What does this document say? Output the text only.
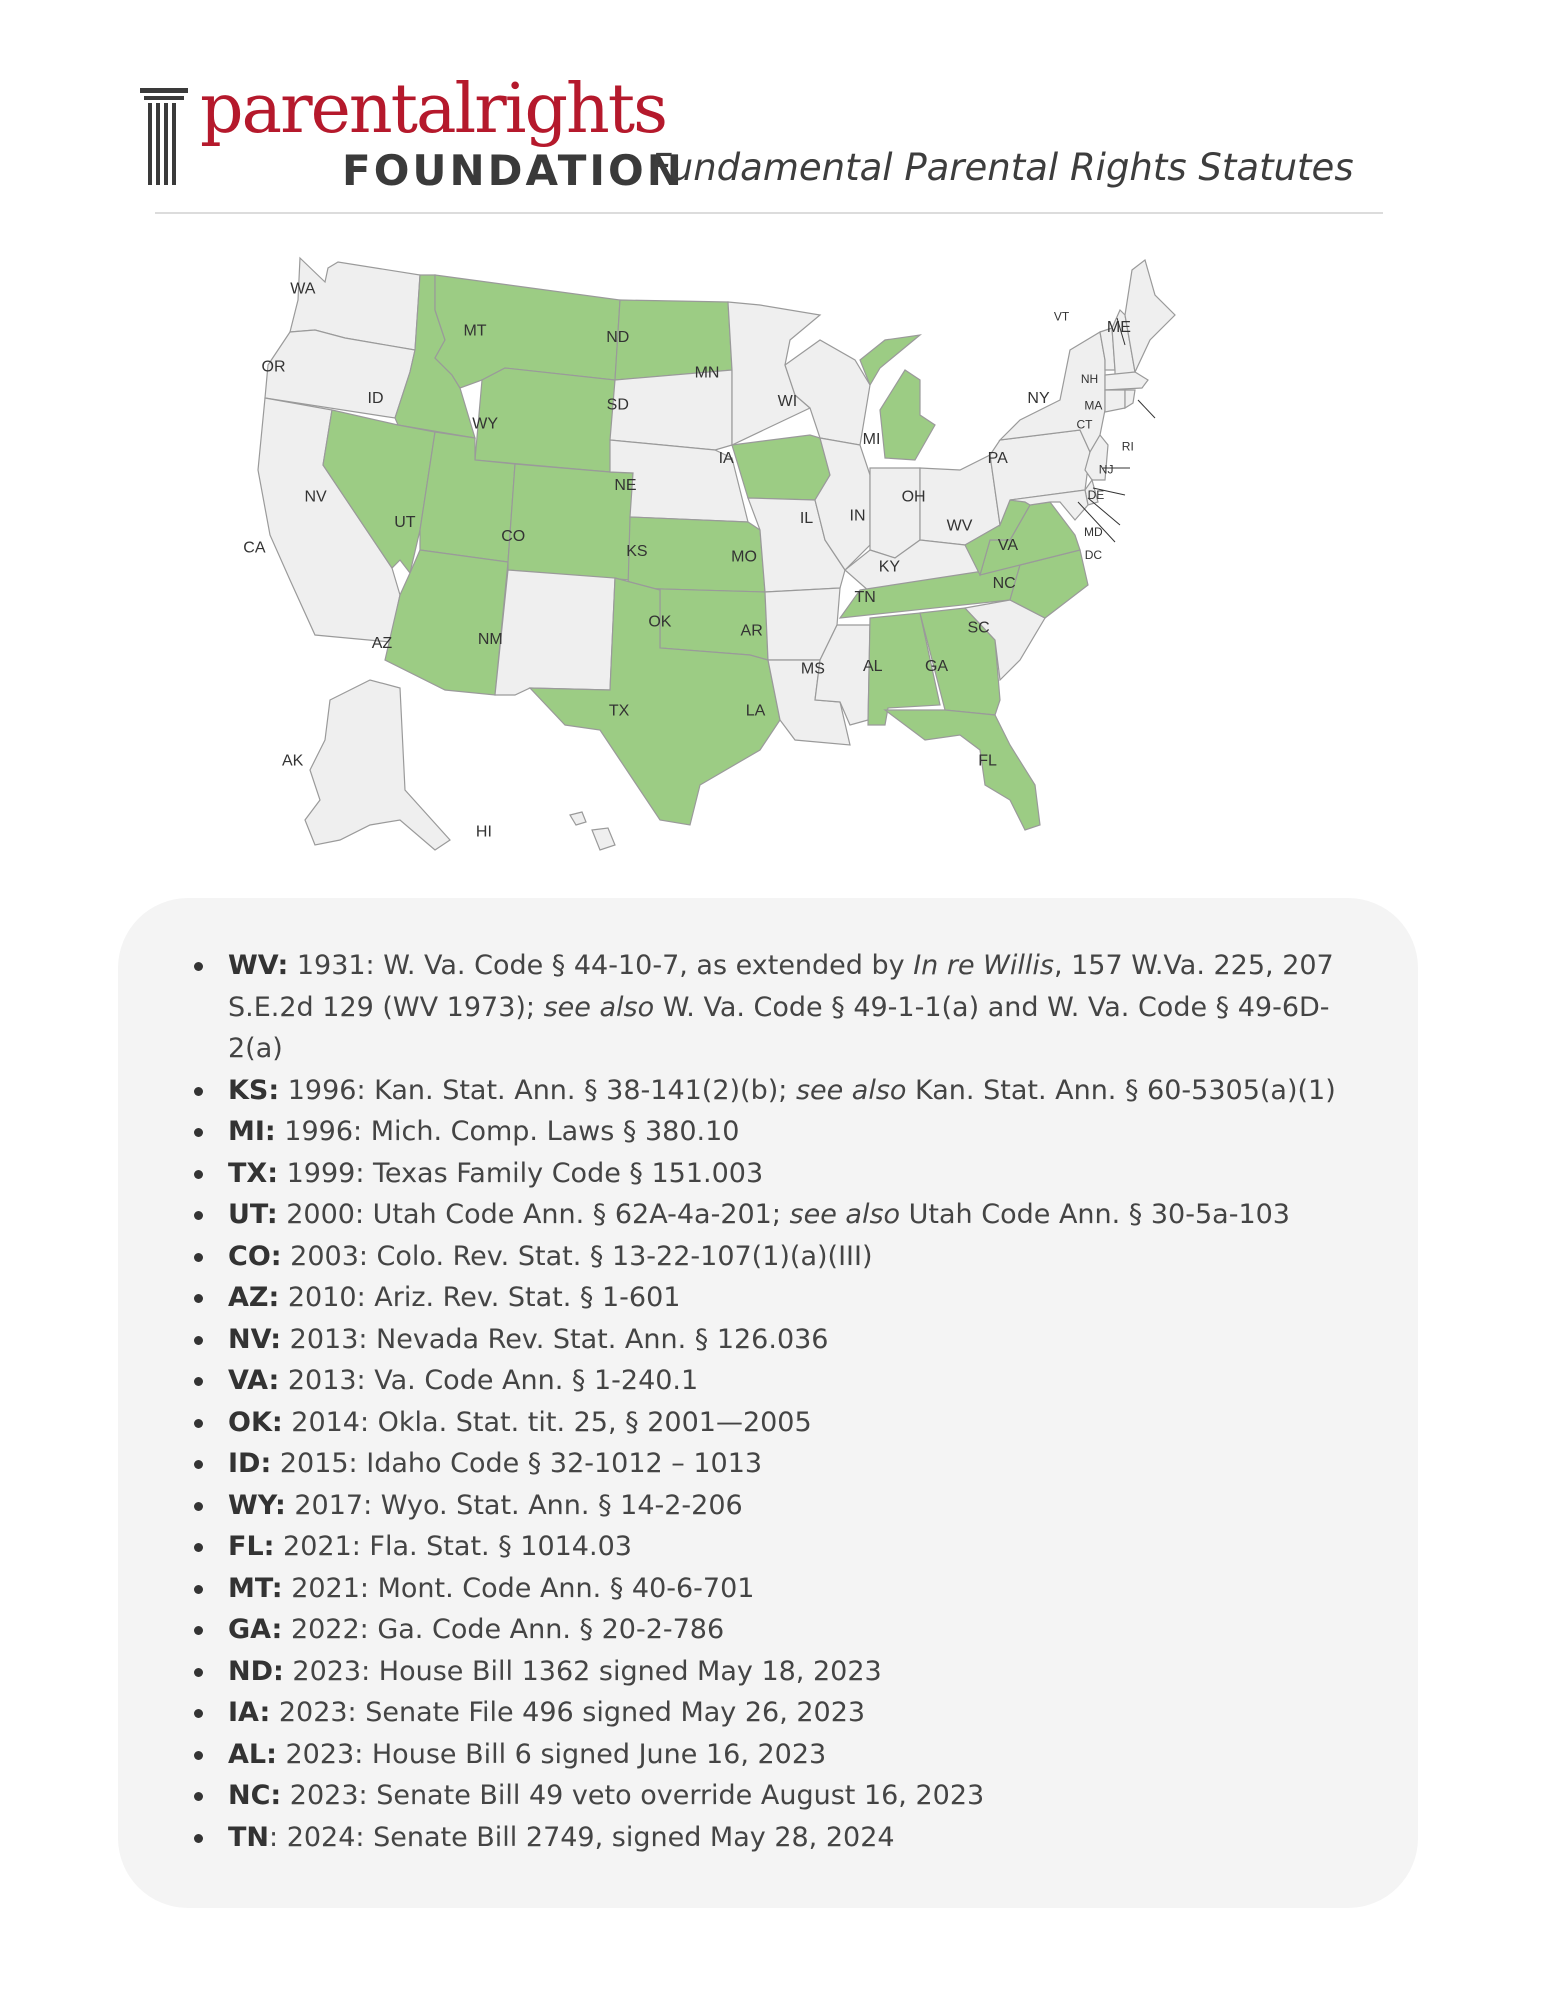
parentalrights
FOUNDATION
Fundamental Parental Rights Statutes
WA
OR
CA
ID
NV
MT
WY
UT
AZ
CO
NM
ND
SD
NE
KS
OK
TX
MN
IA
MO
AR
LA
WI
IL
MS
MI
IN
OH
KY
TN
AL	GA
FL
SC
NC
VA
WV
PA
NY
VT
ME
NH
MA
CT
RI
NJ
DE
MD
DC
AK
HI
WV: 1931: W. Va. Code § 44-10-7, as extended by In re Willis, 157 W.Va. 225, 207 S.E.2d 129 (WV 1973); see also W. Va. Code § 49-1-1(a) and W. Va. Code § 49-6D-2(a)
KS: 1996: Kan. Stat. Ann. § 38-141(2)(b); see also Kan. Stat. Ann. § 60-5305(a)(1)
MI: 1996: Mich. Comp. Laws § 380.10
TX: 1999: Texas Family Code § 151.003
UT: 2000: Utah Code Ann. § 62A-4a-201; see also Utah Code Ann. § 30-5a-103
CO: 2003: Colo. Rev. Stat. § 13-22-107(1)(a)(III)
AZ: 2010: Ariz. Rev. Stat. § 1-601
NV: 2013: Nevada Rev. Stat. Ann. § 126.036
VA: 2013: Va. Code Ann. § 1-240.1
OK: 2014: Okla. Stat. tit. 25, § 2001—2005
ID: 2015: Idaho Code § 32-1012 – 1013
WY: 2017: Wyo. Stat. Ann. § 14-2-206
FL: 2021: Fla. Stat. § 1014.03
MT: 2021: Mont. Code Ann. § 40-6-701
GA: 2022: Ga. Code Ann. § 20-2-786
ND: 2023: House Bill 1362 signed May 18, 2023
IA: 2023: Senate File 496 signed May 26, 2023
AL: 2023: House Bill 6 signed June 16, 2023
NC: 2023: Senate Bill 49 veto override August 16, 2023
TN: 2024: Senate Bill 2749, signed May 28, 2024
